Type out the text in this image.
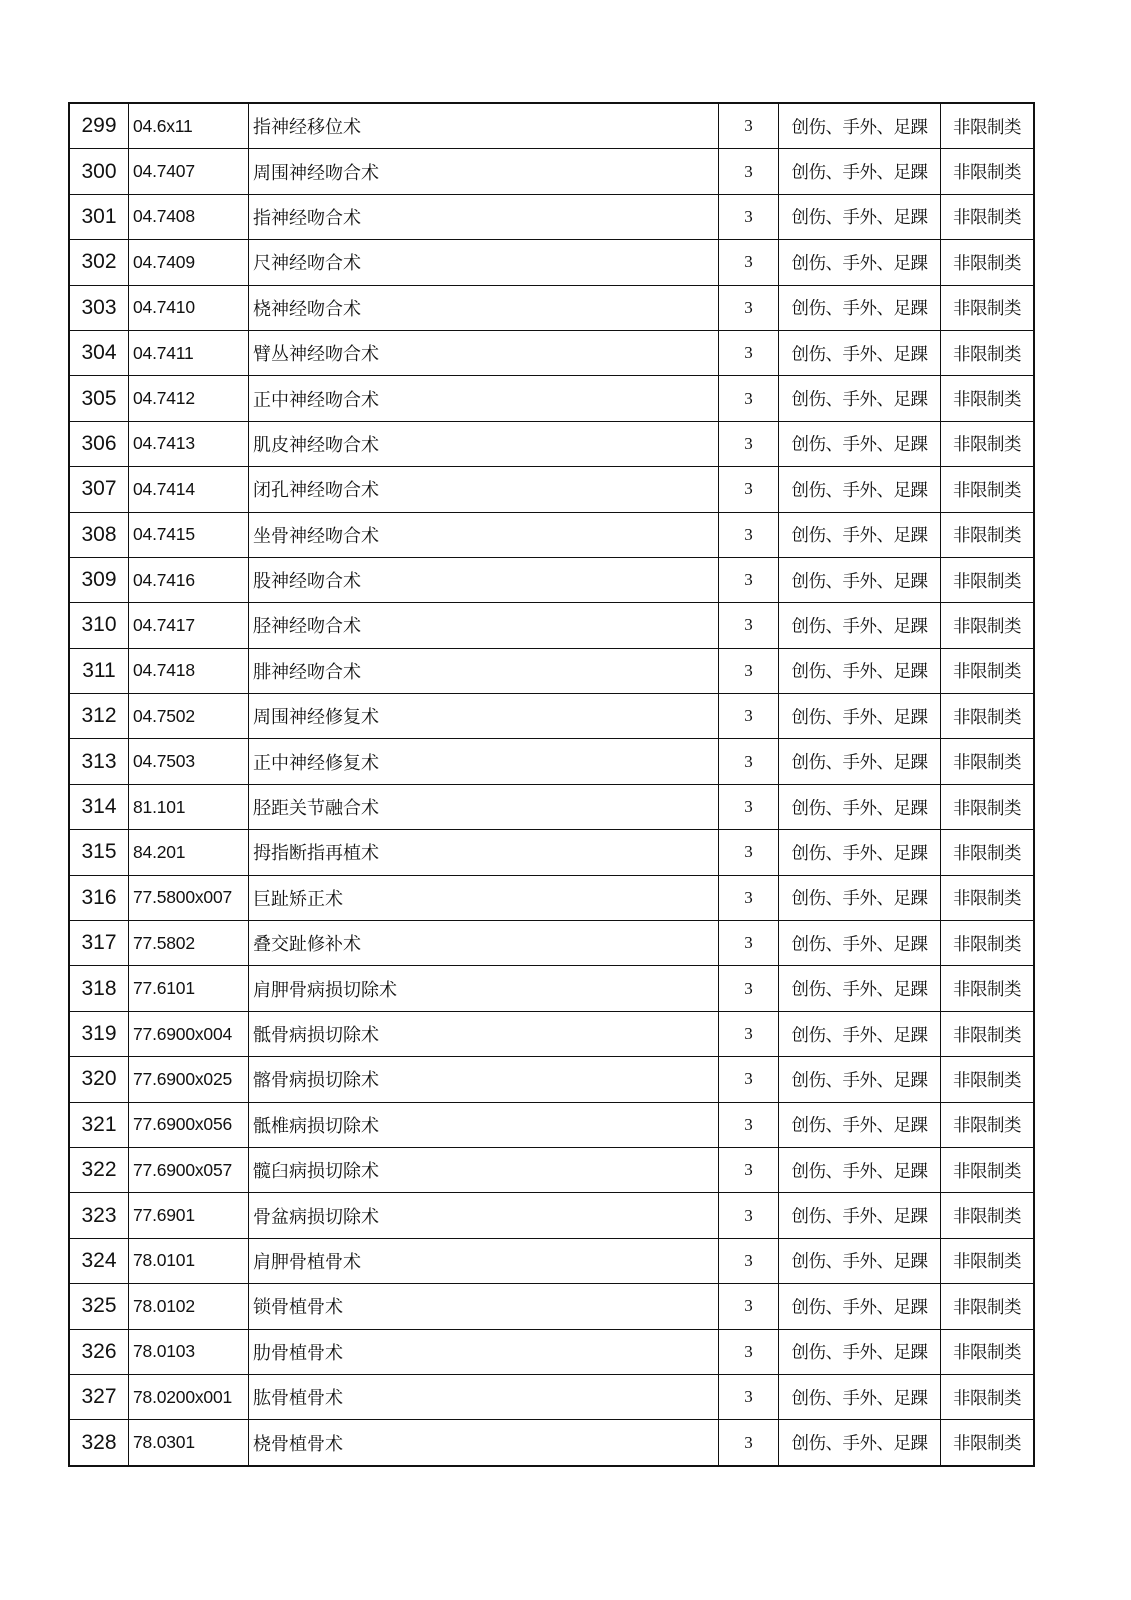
299	04.6x11	指神经移位术	3	创伤、手外、足踝	非限制类
300	04.7407	周围神经吻合术	3	创伤、手外、足踝	非限制类
301	04.7408	指神经吻合术	3	创伤、手外、足踝	非限制类
302	04.7409	尺神经吻合术	3	创伤、手外、足踝	非限制类
303	04.7410	桡神经吻合术	3	创伤、手外、足踝	非限制类
304	04.7411	臂丛神经吻合术	3	创伤、手外、足踝	非限制类
305	04.7412	正中神经吻合术	3	创伤、手外、足踝	非限制类
306	04.7413	肌皮神经吻合术	3	创伤、手外、足踝	非限制类
307	04.7414	闭孔神经吻合术	3	创伤、手外、足踝	非限制类
308	04.7415	坐骨神经吻合术	3	创伤、手外、足踝	非限制类
309	04.7416	股神经吻合术	3	创伤、手外、足踝	非限制类
310	04.7417	胫神经吻合术	3	创伤、手外、足踝	非限制类
311	04.7418	腓神经吻合术	3	创伤、手外、足踝	非限制类
312	04.7502	周围神经修复术	3	创伤、手外、足踝	非限制类
313	04.7503	正中神经修复术	3	创伤、手外、足踝	非限制类
314	81.101	胫距关节融合术	3	创伤、手外、足踝	非限制类
315	84.201	拇指断指再植术	3	创伤、手外、足踝	非限制类
316	77.5800x007	巨趾矫正术	3	创伤、手外、足踝	非限制类
317	77.5802	叠交趾修补术	3	创伤、手外、足踝	非限制类
318	77.6101	肩胛骨病损切除术	3	创伤、手外、足踝	非限制类
319	77.6900x004	骶骨病损切除术	3	创伤、手外、足踝	非限制类
320	77.6900x025	髂骨病损切除术	3	创伤、手外、足踝	非限制类
321	77.6900x056	骶椎病损切除术	3	创伤、手外、足踝	非限制类
322	77.6900x057	髋臼病损切除术	3	创伤、手外、足踝	非限制类
323	77.6901	骨盆病损切除术	3	创伤、手外、足踝	非限制类
324	78.0101	肩胛骨植骨术	3	创伤、手外、足踝	非限制类
325	78.0102	锁骨植骨术	3	创伤、手外、足踝	非限制类
326	78.0103	肋骨植骨术	3	创伤、手外、足踝	非限制类
327	78.0200x001	肱骨植骨术	3	创伤、手外、足踝	非限制类
328	78.0301	桡骨植骨术	3	创伤、手外、足踝	非限制类
